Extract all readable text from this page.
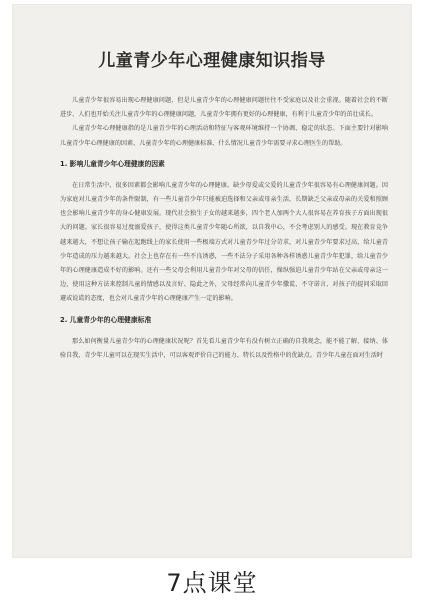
儿童青少年心理健康知识指导

儿童青少年很容易出现心理健康问题，但是儿童青少年的心理健康问题往往不受家庭以及社会重视。随着社会的不断进步，人们也开始关注儿童青少年的心理健康问题，儿童青少年拥有更好的心理健康，有利于儿童青少年的茁壮成长。

儿童青少年心理健康指的是儿童青少年的心理活动和特征与客观环境维持一个协调、稳定的状态。下面主要针对影响儿童青少年心理健康的因素、儿童青少年的心理健康标准、什么情况儿童青少年需要寻求心理医生的帮助。

1. 影响儿童青少年心理健康的因素

在日常生活中，很多因素都会影响儿童青少年的心理健康。缺少母爱或父爱的儿童青少年很容易有心理健康问题。因为家庭对儿童青少年的条件限制，有一些儿童青少年只能被迫选择和父亲或母亲生活，长期缺乏父亲或母亲的关爱和照顾也会影响儿童青少年的身心健康发展。现代社会独生子女的越来越多，四个老人加两个大人很容易在养育孩子方面出现很大的问题。家长很容易过度溺爱孩子，使得这类儿童青少年随心所欲，以自我中心，不会考虑别人的感受。现在教育竞争越来越大，不想让孩子输在起跑线上的家长使用一些极端方式对儿童青少年过分苛求，对儿童青少年要求过高，给儿童青少年造成的压力越来越大。社会上也存在有一些不良诱惑，一些不法分子采用各种各样诱惑儿童青少年犯罪，给儿童青少年的心理健康造成不好的影响。还有一些父母会利用儿童青少年对父母的信任，操纵强迫儿童青少年站在父亲或母亲这一边，使用这种方法来控制儿童的情感以及言好、隐此之外，父母经常向儿童青少年撒谎、不守诺言、对孩子的提问采取回避或说谎的态度，也会对儿童青少年的心理健康产生一定的影响。

2. 儿童青少年的心理健康标准

那么如何衡量儿童青少年的心理健康状况呢？首先看儿童青少年有没有树立正确的自我观念，能不能了解、接纳、体验自我，青少年儿童可以在现实生活中，可以客观评价自己的能力、特长以及性格中的优缺点。青少年儿童在面对生活时

7点课堂
